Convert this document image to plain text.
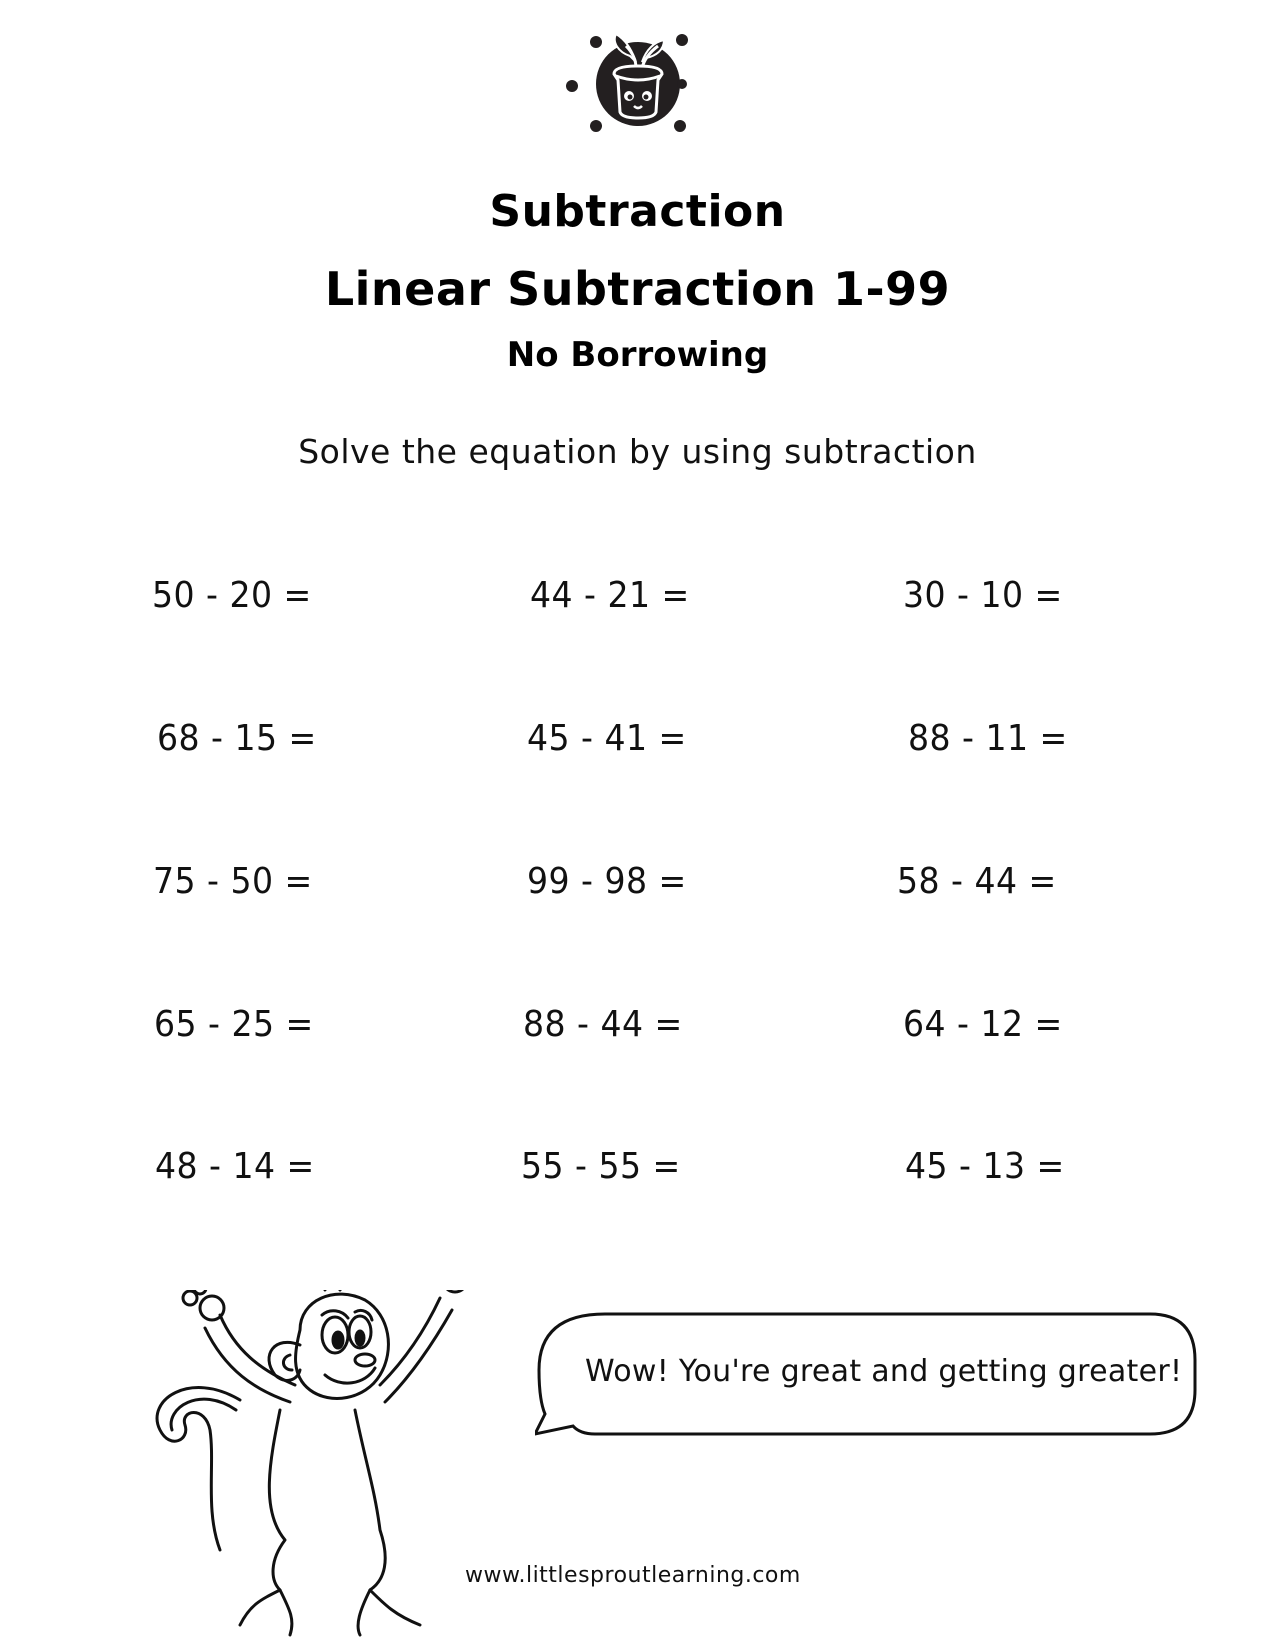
Subtraction
Linear Subtraction 1-99
No Borrowing
Solve the equation by using subtraction
50 - 20 =	44 - 21 =	30 - 10 =
68 - 15 =	45 - 41 =	88 - 11 =
75 - 50 =	99 - 98 =	58 - 44 =
65 - 25 =	88 - 44 =	64 - 12 =
48 - 14 =	55 - 55 =	45 - 13 =
Wow! You're great and getting greater!
www.littlesproutlearning.com
